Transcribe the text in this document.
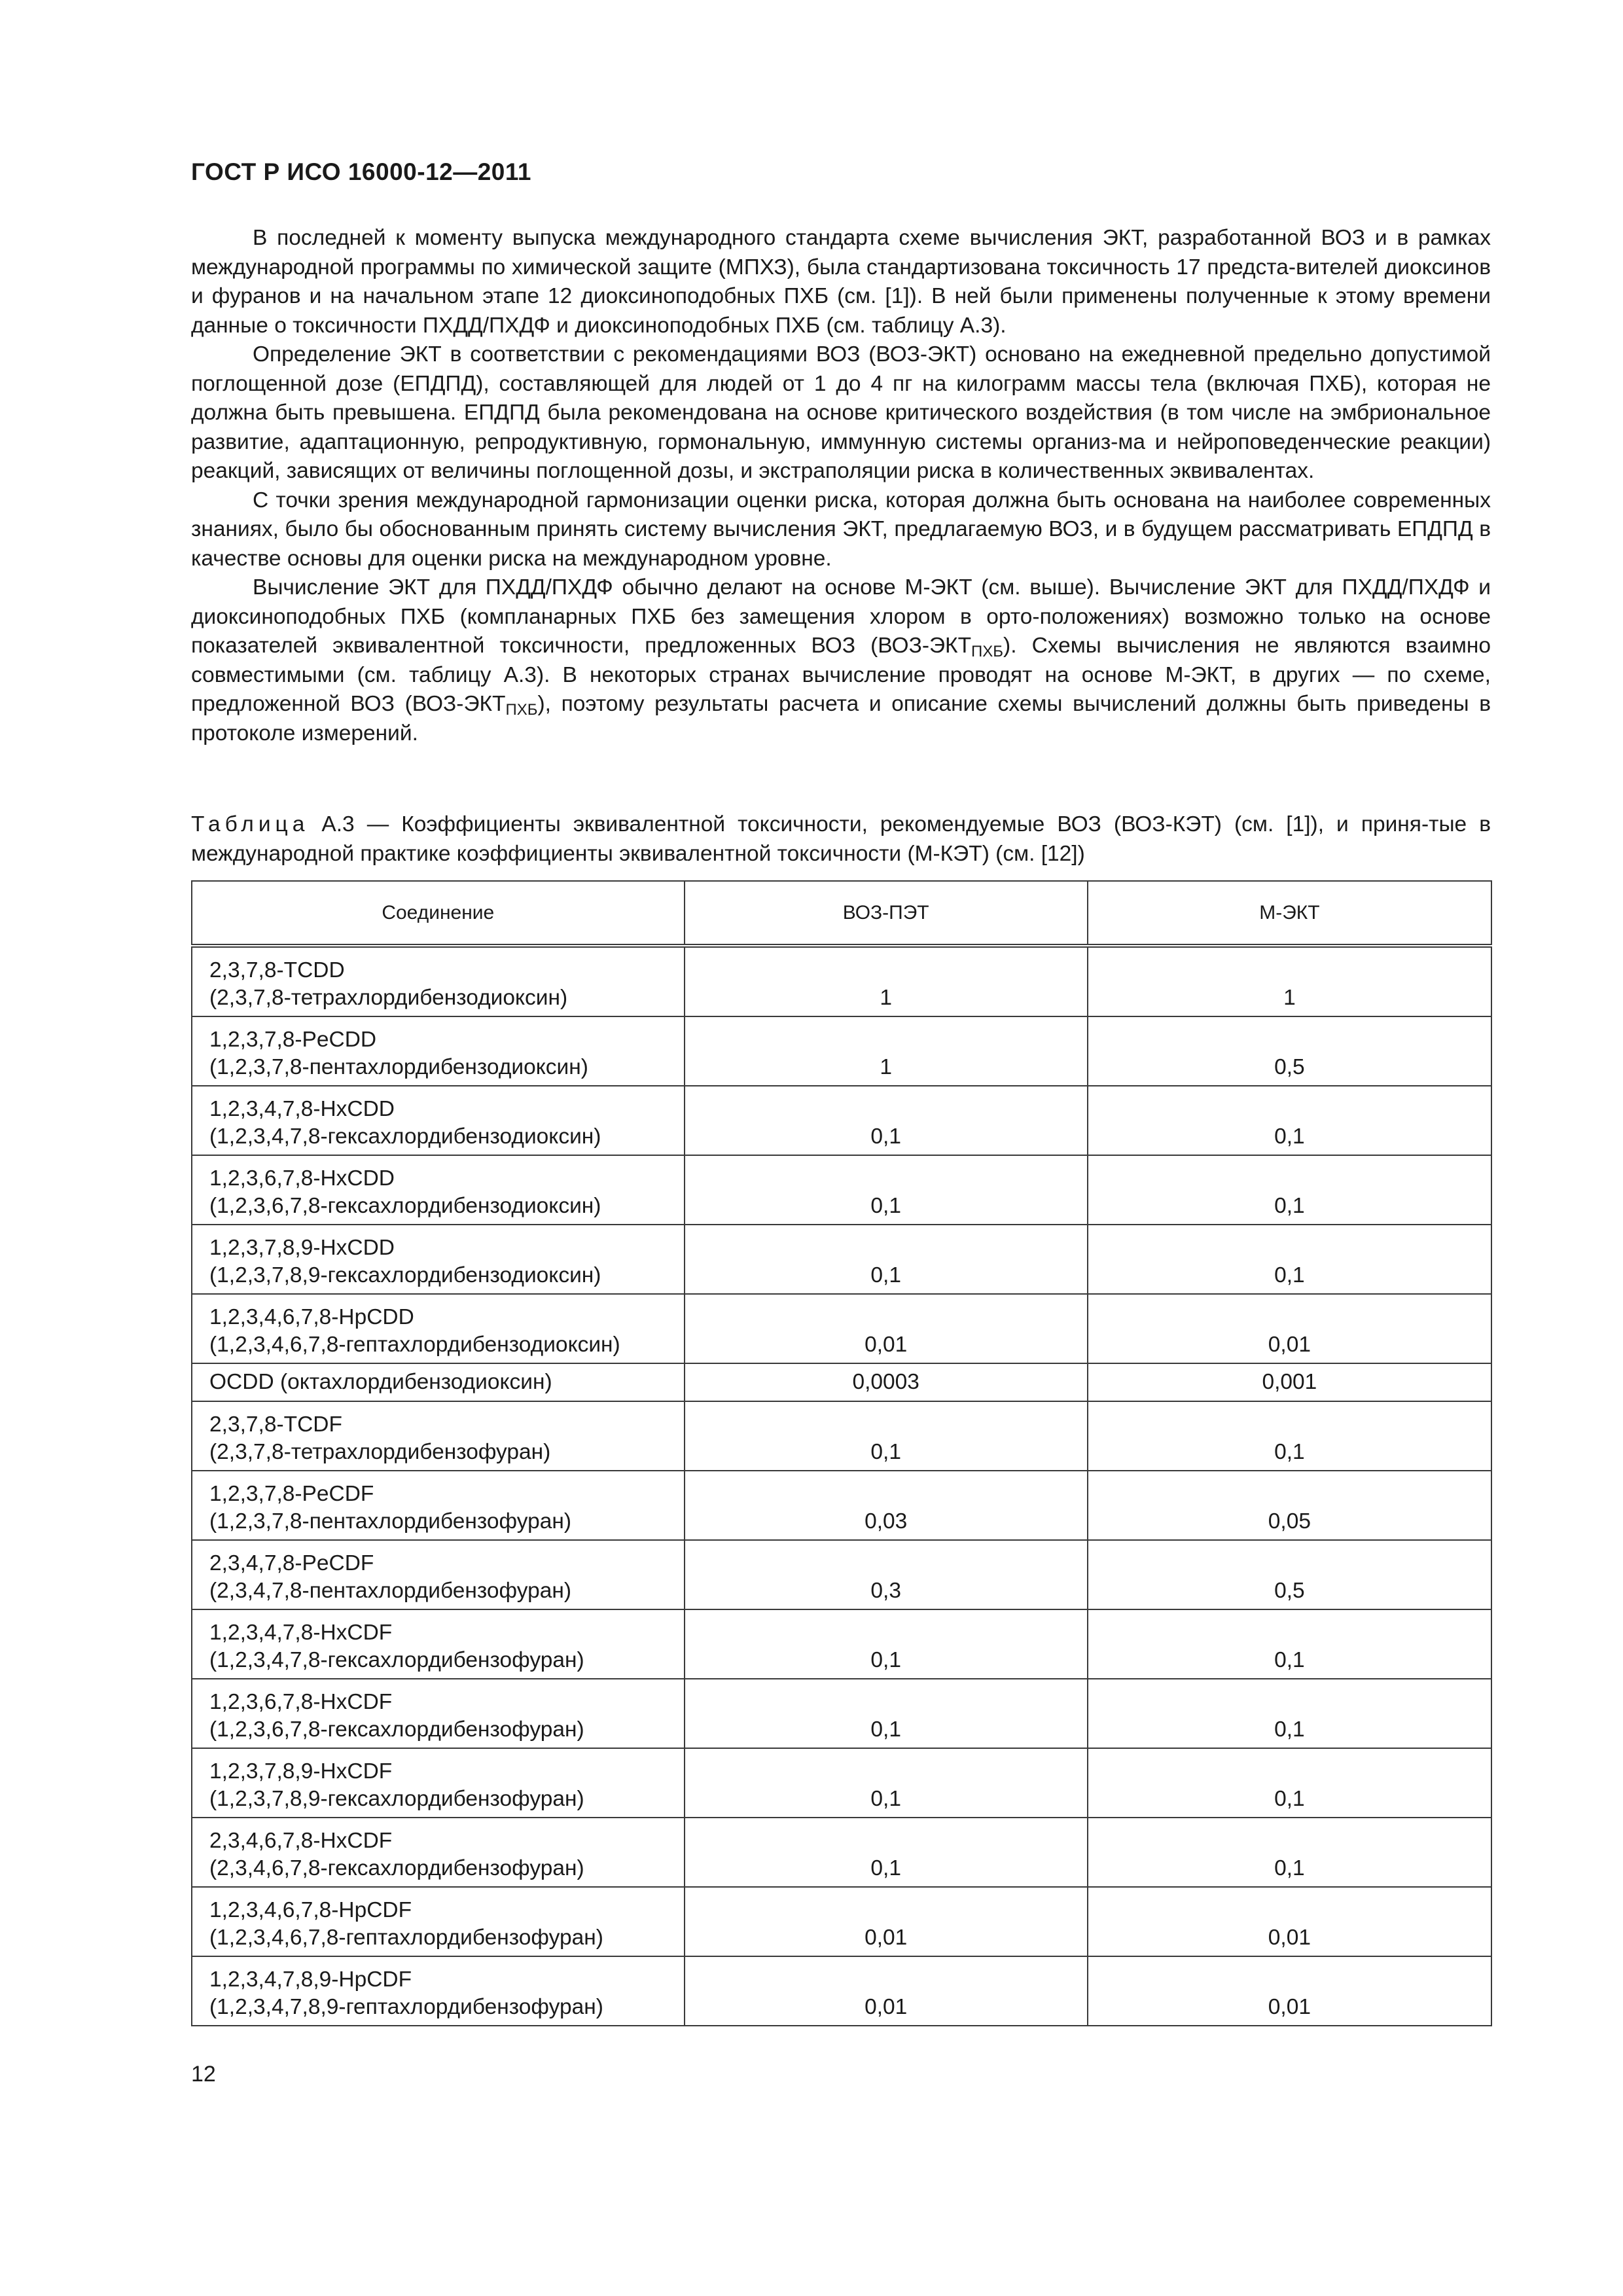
ГОСТ Р ИСО 16000-12—2011

В последней к моменту выпуска международного стандарта схеме вычисления ЭКТ, разработанной ВОЗ и в рамках международной программы по химической защите (МПХЗ), была стандартизована токсичность 17 предста-вителей диоксинов и фуранов и на начальном этапе 12 диоксиноподобных ПХБ (см. [1]). В ней были применены полученные к этому времени данные о токсичности ПХДД/ПХДФ и диоксиноподобных ПХБ (см. таблицу А.3).

Определение ЭКТ в соответствии с рекомендациями ВОЗ (ВОЗ-ЭКТ) основано на ежедневной предельно допустимой поглощенной дозе (ЕПДПД), составляющей для людей от 1 до 4 пг на килограмм массы тела (включая ПХБ), которая не должна быть превышена. ЕПДПД была рекомендована на основе критического воздействия (в том числе на эмбриональное развитие, адаптационную, репродуктивную, гормональную, иммунную системы организ-ма и нейроповеденческие реакции) реакций, зависящих от величины поглощенной дозы, и экстраполяции риска в количественных эквивалентах.

С точки зрения международной гармонизации оценки риска, которая должна быть основана на наиболее современных знаниях, было бы обоснованным принять систему вычисления ЭКТ, предлагаемую ВОЗ, и в будущем рассматривать ЕПДПД в качестве основы для оценки риска на международном уровне.

Вычисление ЭКТ для ПХДД/ПХДФ обычно делают на основе М-ЭКТ (см. выше). Вычисление ЭКТ для ПХДД/ПХДФ и диоксиноподобных ПХБ (компланарных ПХБ без замещения хлором в орто-положениях) возможно только на основе показателей эквивалентной токсичности, предложенных ВОЗ $(ВОЗ-ЭКТ_{ПХБ})$. Схемы вычисления не являются взаимно совместимыми (см. таблицу А.3). В некоторых странах вычисление проводят на основе М-ЭКТ, в других — по схеме, предложенной ВОЗ $(ВОЗ-ЭКТ_{ПХБ})$, поэтому результаты расчета и описание схемы вычислений должны быть приведены в протоколе измерений.

Таблица А.3 — Коэффициенты эквивалентной токсичности, рекомендуемые ВОЗ (ВОЗ-КЭТ) (см. [1]), и приня-тые в международной практике коэффициенты эквивалентной токсичности (М-КЭТ) (см. [12])
Соединение	ВОЗ-ПЭТ	М-ЭКТ

2,3,7,8-TCDD
(2,3,7,8-тетрахлордибензодиоксин)	1	1

1,2,3,7,8-PeCDD
(1,2,3,7,8-пентахлордибензодиоксин)	1	0,5

1,2,3,4,7,8-HxCDD
(1,2,3,4,7,8-гексахлордибензодиоксин)	0,1	0,1

1,2,3,6,7,8-HxCDD
(1,2,3,6,7,8-гексахлордибензодиоксин)	0,1	0,1

1,2,3,7,8,9-HxCDD
(1,2,3,7,8,9-гексахлордибензодиоксин)	0,1	0,1

1,2,3,4,6,7,8-HpCDD
(1,2,3,4,6,7,8-гептахлордибензодиоксин)	0,01	0,01

OCDD (октахлордибензодиоксин)	0,0003	0,001

2,3,7,8-TCDF
(2,3,7,8-тетрахлордибензофуран)	0,1	0,1

1,2,3,7,8-PeCDF
(1,2,3,7,8-пентахлордибензофуран)	0,03	0,05

2,3,4,7,8-PeCDF
(2,3,4,7,8-пентахлордибензофуран)	0,3	0,5

1,2,3,4,7,8-HxCDF
(1,2,3,4,7,8-гексахлордибензофуран)	0,1	0,1

1,2,3,6,7,8-HxCDF
(1,2,3,6,7,8-гексахлордибензофуран)	0,1	0,1

1,2,3,7,8,9-HxCDF
(1,2,3,7,8,9-гексахлордибензофуран)	0,1	0,1

2,3,4,6,7,8-HxCDF
(2,3,4,6,7,8-гексахлордибензофуран)	0,1	0,1

1,2,3,4,6,7,8-HpCDF
(1,2,3,4,6,7,8-гептахлордибензофуран)	0,01	0,01

1,2,3,4,7,8,9-HpCDF
(1,2,3,4,7,8,9-гептахлордибензофуран)	0,01	0,01
12
